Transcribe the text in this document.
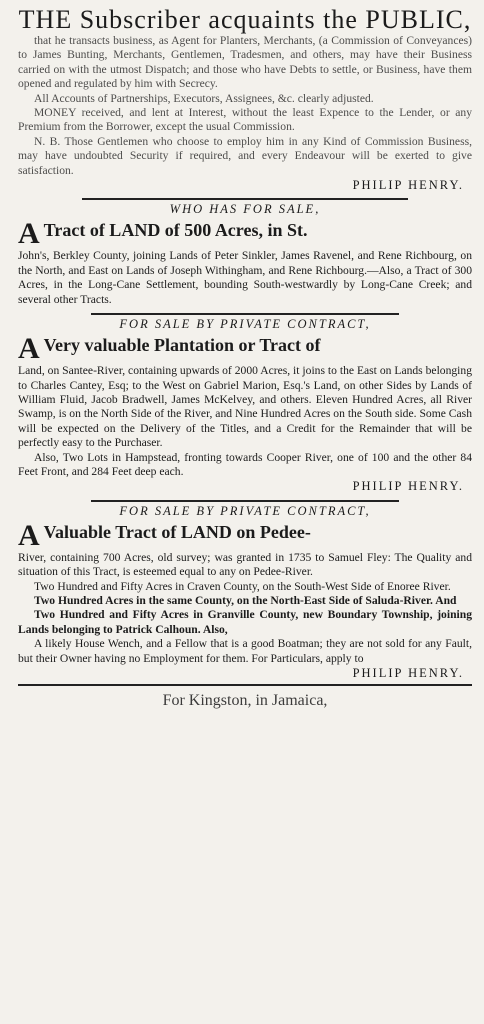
THE Subscriber acquaints the PUBLIC,

that he transacts business, as Agent for Planters, Merchants, (a Commission of Conveyances) to James Bunting, Merchants, Gentlemen, Tradesmen, and others, may have their Business carried on with the utmost Dispatch; and those who have Debts to settle, or Business, have them opened and regulated by him with Secrecy.

All Accounts of Partnerships, Executors, Assignees, &c. clearly adjusted.

MONEY received, and lent at Interest, without the least Expence to the Lender, or any Premium from the Borrower, except the usual Commission.

N. B. Those Gentlemen who choose to employ him in any Kind of Commission Business, may have undoubted Security if required, and every Endeavour will be exerted to give satisfaction.

PHILIP HENRY.

WHO HAS FOR SALE,
A Tract of LAND of 500 Acres, in St.

John's, Berkley County, joining Lands of Peter Sinkler, James Ravenel, and Rene Richbourg, on the North, and East on Lands of Joseph Withingham, and Rene Richbourg.—Also, a Tract of 300 Acres, in the Long-Cane Settlement, bounding South-westwardly by Long-Cane Creek; and several other Tracts.

FOR SALE BY PRIVATE CONTRACT,
A Very valuable Plantation or Tract of

Land, on Santee-River, containing upwards of 2000 Acres, it joins to the East on Lands belonging to Charles Cantey, Esq; to the West on Gabriel Marion, Esq.'s Land, on other Sides by Lands of William Fluid, Jacob Bradwell, James McKelvey, and others. Eleven Hundred Acres, all River Swamp, is on the North Side of the River, and Nine Hundred Acres on the South side. Some Cash will be expected on the Delivery of the Titles, and a Credit for the Remainder that will be perfectly easy to the Purchaser.

Also, Two Lots in Hampstead, fronting towards Cooper River, one of 100 and the other 84 Feet Front, and 284 Feet deep each.

PHILIP HENRY.

FOR SALE BY PRIVATE CONTRACT,
A Valuable Tract of LAND on Pedee-

River, containing 700 Acres, old survey; was granted in 1735 to Samuel Fley: The Quality and situation of this Tract, is esteemed equal to any on Pedee-River.

Two Hundred and Fifty Acres in Craven County, on the South-West Side of Enoree River.

Two Hundred Acres in the same County, on the North-East Side of Saluda-River. And

Two Hundred and Fifty Acres in Granville County, new Boundary Township, joining Lands belonging to Patrick Calhoun. Also,

A likely House Wench, and a Fellow that is a good Boatman; they are not sold for any Fault, but their Owner having no Employment for them. For Particulars, apply to

PHILIP HENRY.

For Kingston, in Jamaica,
